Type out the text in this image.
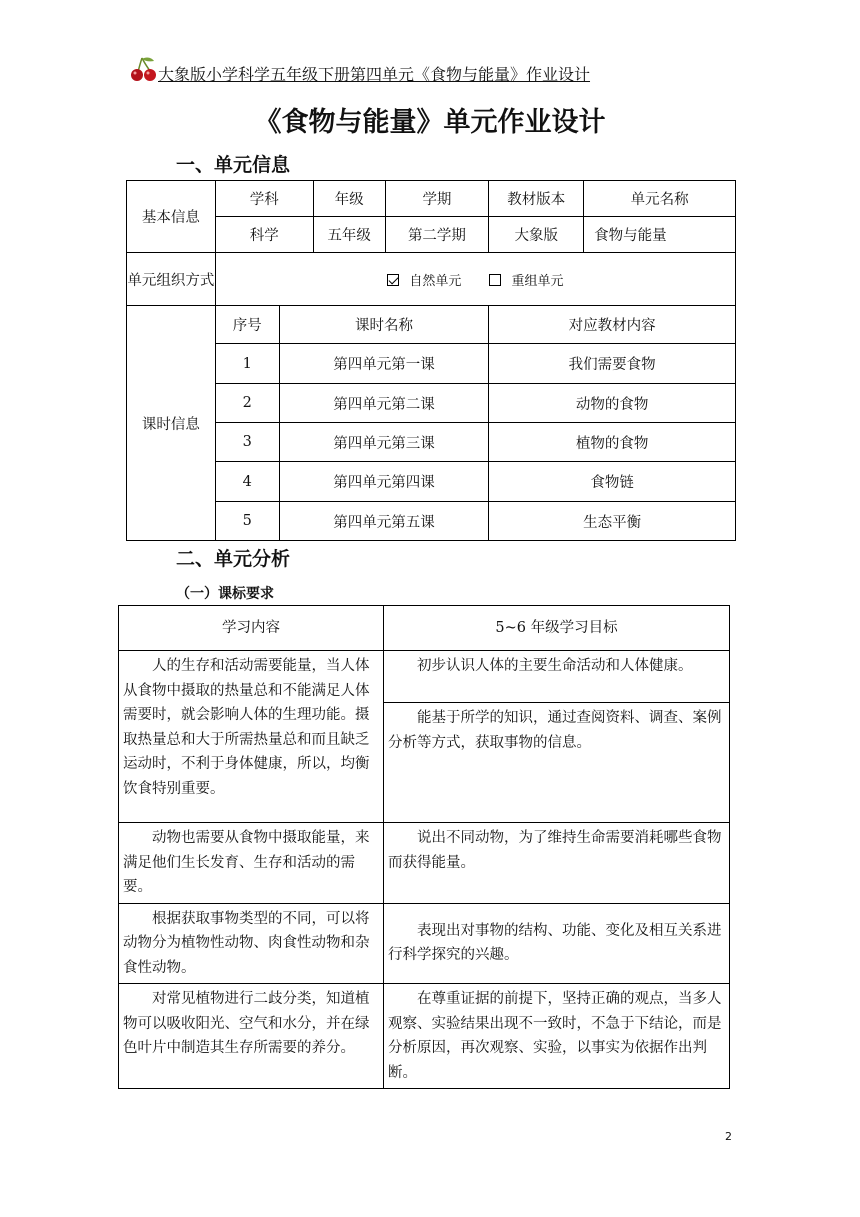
大象版小学科学五年级下册第四单元《食物与能量》作业设计
《食物与能量》单元作业设计
一、单元信息
基本信息	学科		年级	学期	教材版本	单元名称
	科学		五年级	第二学期	大象版	食物与能量
单元组织方式	自然单元 重组单元					
课时信息	序号	课时名称			对应教材内容	
	1	第四单元第一课			我们需要食物	
	2	第四单元第二课			动物的食物	
	3	第四单元第三课			植物的食物	
	4	第四单元第四课			食物链	
	5	第四单元第五课			生态平衡	
二、单元分析
（一）课标要求
学习内容	5~6 年级学习目标
人的生存和活动需要能量，当人体从食物中摄取的热量总和不能满足人体需要时，就会影响人体的生理功能。摄取热量总和大于所需热量总和而且缺乏运动时，不利于身体健康，所以，均衡饮食特别重要。	初步认识人体的主要生命活动和人体健康。
	能基于所学的知识，通过查阅资料、调查、案例分析等方式，获取事物的信息。
动物也需要从食物中摄取能量，来满足他们生长发育、生存和活动的需要。	说出不同动物，为了维持生命需要消耗哪些食物而获得能量。
根据获取事物类型的不同，可以将动物分为植物性动物、肉食性动物和杂食性动物。	表现出对事物的结构、功能、变化及相互关系进行科学探究的兴趣。
对常见植物进行二歧分类，知道植物可以吸收阳光、空气和水分，并在绿色叶片中制造其生存所需要的养分。	在尊重证据的前提下，坚持正确的观点，当多人观察、实验结果出现不一致时，不急于下结论，而是分析原因，再次观察、实验，以事实为依据作出判断。
2
